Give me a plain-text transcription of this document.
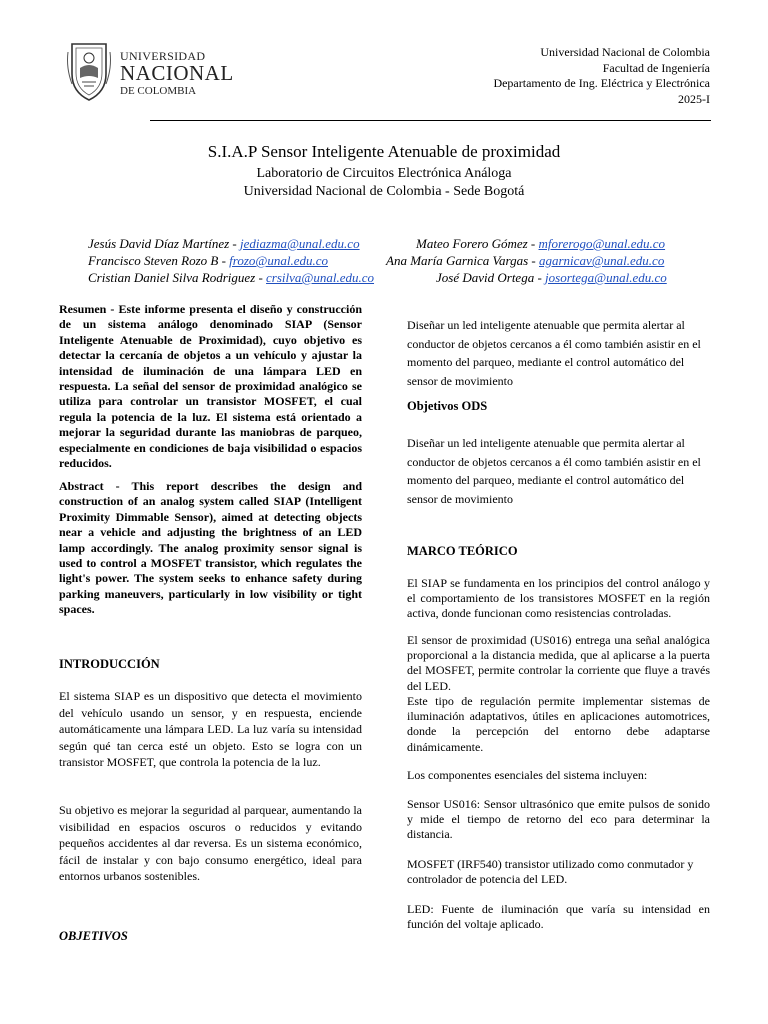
UNIVERSIDAD
NACIONAL
DE COLOMBIA
Universidad Nacional de Colombia
Facultad de Ingeniería
Departamento de Ing. Eléctrica y Electrónica
2025-I
S.I.A.P Sensor Inteligente Atenuable de proximidad
Laboratorio de Circuitos Electrónica Análoga
Universidad Nacional de Colombia - Sede Bogotá
Jesús David Díaz Martínez - jediazma@unal.edu.co	Mateo Forero Gómez - mforerogo@unal.edu.co
Francisco Steven Rozo B - frozo@unal.edu.co	Ana María Garnica Vargas - agarnicav@unal.edu.co
Cristian Daniel Silva Rodriguez - crsilva@unal.edu.co	José David Ortega - josortega@unal.edu.co
Resumen - Este informe presenta el diseño y construcción de un sistema análogo denominado SIAP (Sensor Inteligente Atenuable de Proximidad), cuyo objetivo es detectar la cercanía de objetos a un vehículo y ajustar la intensidad de iluminación de una lámpara LED en respuesta. La señal del sensor de proximidad analógico se utiliza para controlar un transistor MOSFET, el cual regula la potencia de la luz. El sistema está orientado a mejorar la seguridad durante las maniobras de parqueo, especialmente en condiciones de baja visibilidad o espacios reducidos.
Abstract - This report describes the design and construction of an analog system called SIAP (Intelligent Proximity Dimmable Sensor), aimed at detecting objects near a vehicle and adjusting the brightness of an LED lamp accordingly. The analog proximity sensor signal is used to control a MOSFET transistor, which regulates the light's power. The system seeks to enhance safety during parking maneuvers, particularly in low visibility or tight spaces.
INTRODUCCIÓN
El sistema SIAP es un dispositivo que detecta el movimiento del vehículo usando un sensor, y en respuesta, enciende automáticamente una lámpara LED. La luz varía su intensidad según qué tan cerca esté un objeto. Esto se logra con un transistor MOSFET, que controla la potencia de la luz.
Su objetivo es mejorar la seguridad al parquear, aumentando la visibilidad en espacios oscuros o reducidos y evitando pequeños accidentes al dar reversa. Es un sistema económico, fácil de instalar y con bajo consumo energético, ideal para entornos urbanos sostenibles.
OBJETIVOS
Diseñar un led inteligente atenuable que permita alertar al conductor de objetos cercanos a él como también asistir en el momento del parqueo, mediante el control automático del sensor de movimiento
Objetivos ODS
Diseñar un led inteligente atenuable que permita alertar al conductor de objetos cercanos a él como también asistir en el momento del parqueo, mediante el control automático del sensor de movimiento
MARCO TEÓRICO
El SIAP se fundamenta en los principios del control análogo y el comportamiento de los transistores MOSFET en la región activa, donde funcionan como resistencias controladas.
El sensor de proximidad (US016) entrega una señal analógica proporcional a la distancia medida, que al aplicarse a la puerta del MOSFET, permite controlar la corriente que fluye a través del LED.
Este tipo de regulación permite implementar sistemas de iluminación adaptativos, útiles en aplicaciones automotrices, donde la percepción del entorno debe adaptarse dinámicamente.
Los componentes esenciales del sistema incluyen:
Sensor US016: Sensor ultrasónico que emite pulsos de sonido y mide el tiempo de retorno del eco para determinar la distancia.
MOSFET (IRF540) transistor utilizado como conmutador y controlador de potencia del LED.
LED: Fuente de iluminación que varía su intensidad en función del voltaje aplicado.
